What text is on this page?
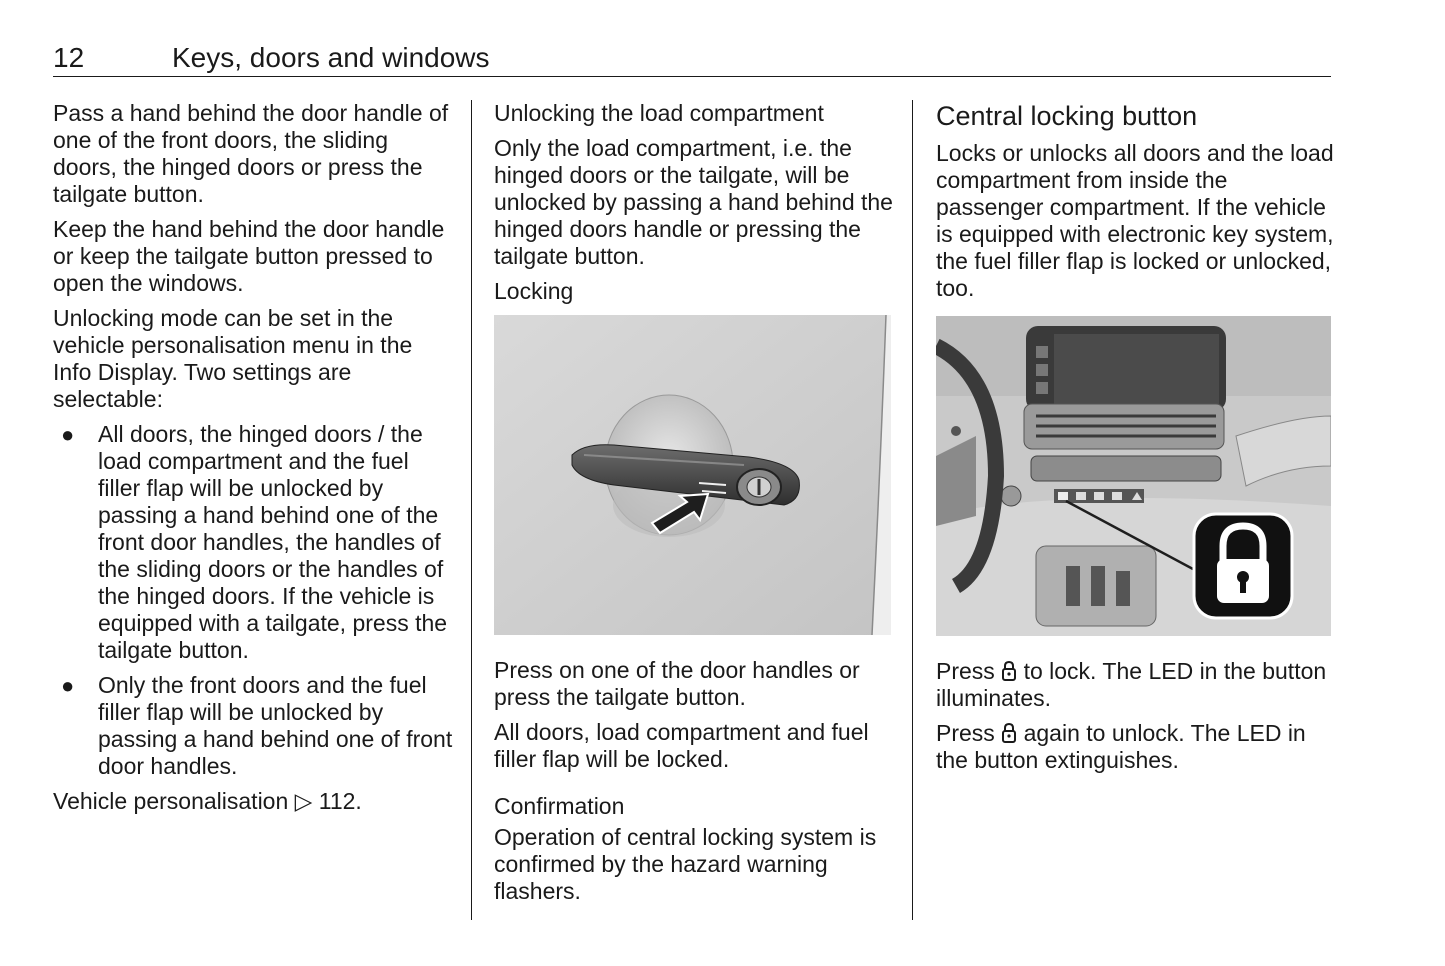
12	Keys, doors and windows

Pass a hand behind the door handle of one of the front doors, the sliding doors, the hinged doors or press the tailgate button.

Keep the hand behind the door handle or keep the tailgate button pressed to open the windows.

Unlocking mode can be set in the vehicle personalisation menu in the Info Display. Two settings are selectable:

● All doors, the hinged doors / the load compartment and the fuel filler flap will be unlocked by passing a hand behind one of the front door handles, the handles of the sliding doors or the handles of the hinged doors. If the vehicle is equipped with a tailgate, press the tailgate button.
● Only the front doors and the fuel filler flap will be unlocked by passing a hand behind one of front door handles.

Vehicle personalisation ▷ 112.

Unlocking the load compartment

Only the load compartment, i.e. the hinged doors or the tailgate, will be unlocked by passing a hand behind the hinged doors handle or pressing the tailgate button.

Locking

Press on one of the door handles or press the tailgate button.

All doors, load compartment and fuel filler flap will be locked.

Confirmation

Operation of central locking system is confirmed by the hazard warning flashers.

Central locking button

Locks or unlocks all doors and the load compartment from inside the passenger compartment. If the vehicle is equipped with electronic key system, the fuel filler flap is locked or unlocked, too.

Press to lock. The LED in the button illuminates.

Press again to unlock. The LED in the button extinguishes.
